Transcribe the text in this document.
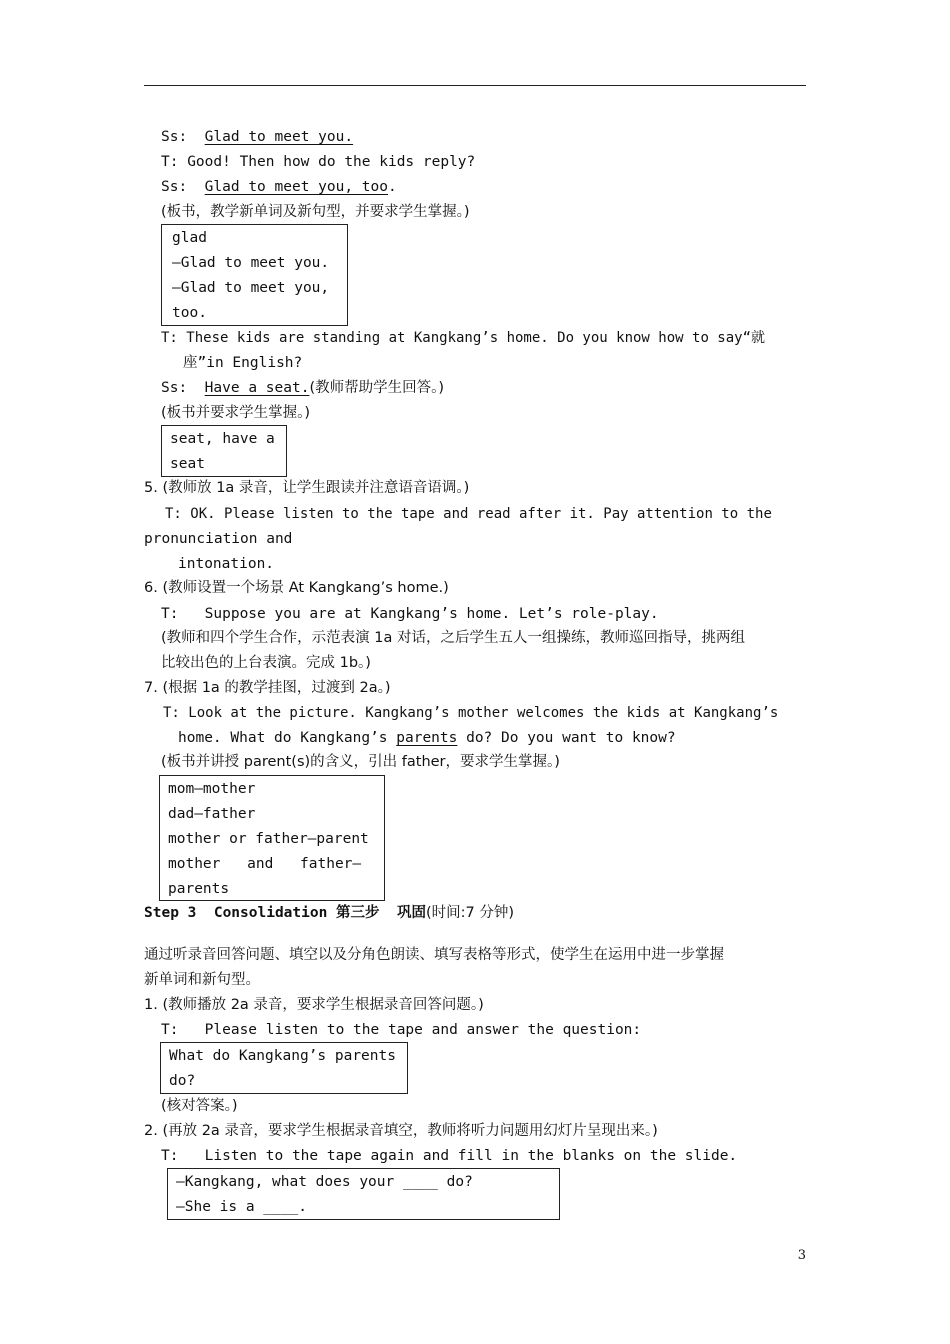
Ss: Glad to meet you.
T: Good! Then how do the kids reply?
Ss: Glad to meet you, too.
(板书，教学新单词及新句型，并要求学生掌握。)
glad
—Glad to meet you.
—Glad to meet you,
too.
T: These kids are standing at Kangkang’s home. Do you know how to say“就
座”in English?
Ss: Have a seat.(教师帮助学生回答。)
(板书并要求学生掌握。)
seat, have a
seat
5. (教师放 1a 录音，让学生跟读并注意语音语调。)
T: OK. Please listen to the tape and read after it. Pay attention to the
pronunciation and
intonation.
6. (教师设置一个场景 At Kangkang’s home.)
T:   Suppose you are at Kangkang’s home. Let’s role-play.
(教师和四个学生合作，示范表演 1a 对话，之后学生五人一组操练，教师巡回指导，挑两组
比较出色的上台表演。完成 1b。)
7. (根据 1a 的教学挂图，过渡到 2a。)
T: Look at the picture. Kangkang’s mother welcomes the kids at Kangkang’s
home. What do Kangkang’s parents do? Do you want to know?
(板书并讲授 parent(s)的含义，引出 father，要求学生掌握。)
mom—mother
dad—father
mother or father—parent
mother and father—
parents
Step 3  Consolidation 第三步  巩固(时间:7 分钟)
通过听录音回答问题、填空以及分角色朗读、填写表格等形式，使学生在运用中进一步掌握
新单词和新句型。
1. (教师播放 2a 录音，要求学生根据录音回答问题。)
T:   Please listen to the tape and answer the question:
What do Kangkang’s parents
do?
(核对答案。)
2. (再放 2a 录音，要求学生根据录音填空，教师将听力问题用幻灯片呈现出来。)
T:   Listen to the tape again and fill in the blanks on the slide.
—Kangkang, what does your ____ do?
—She is a ____.
3
